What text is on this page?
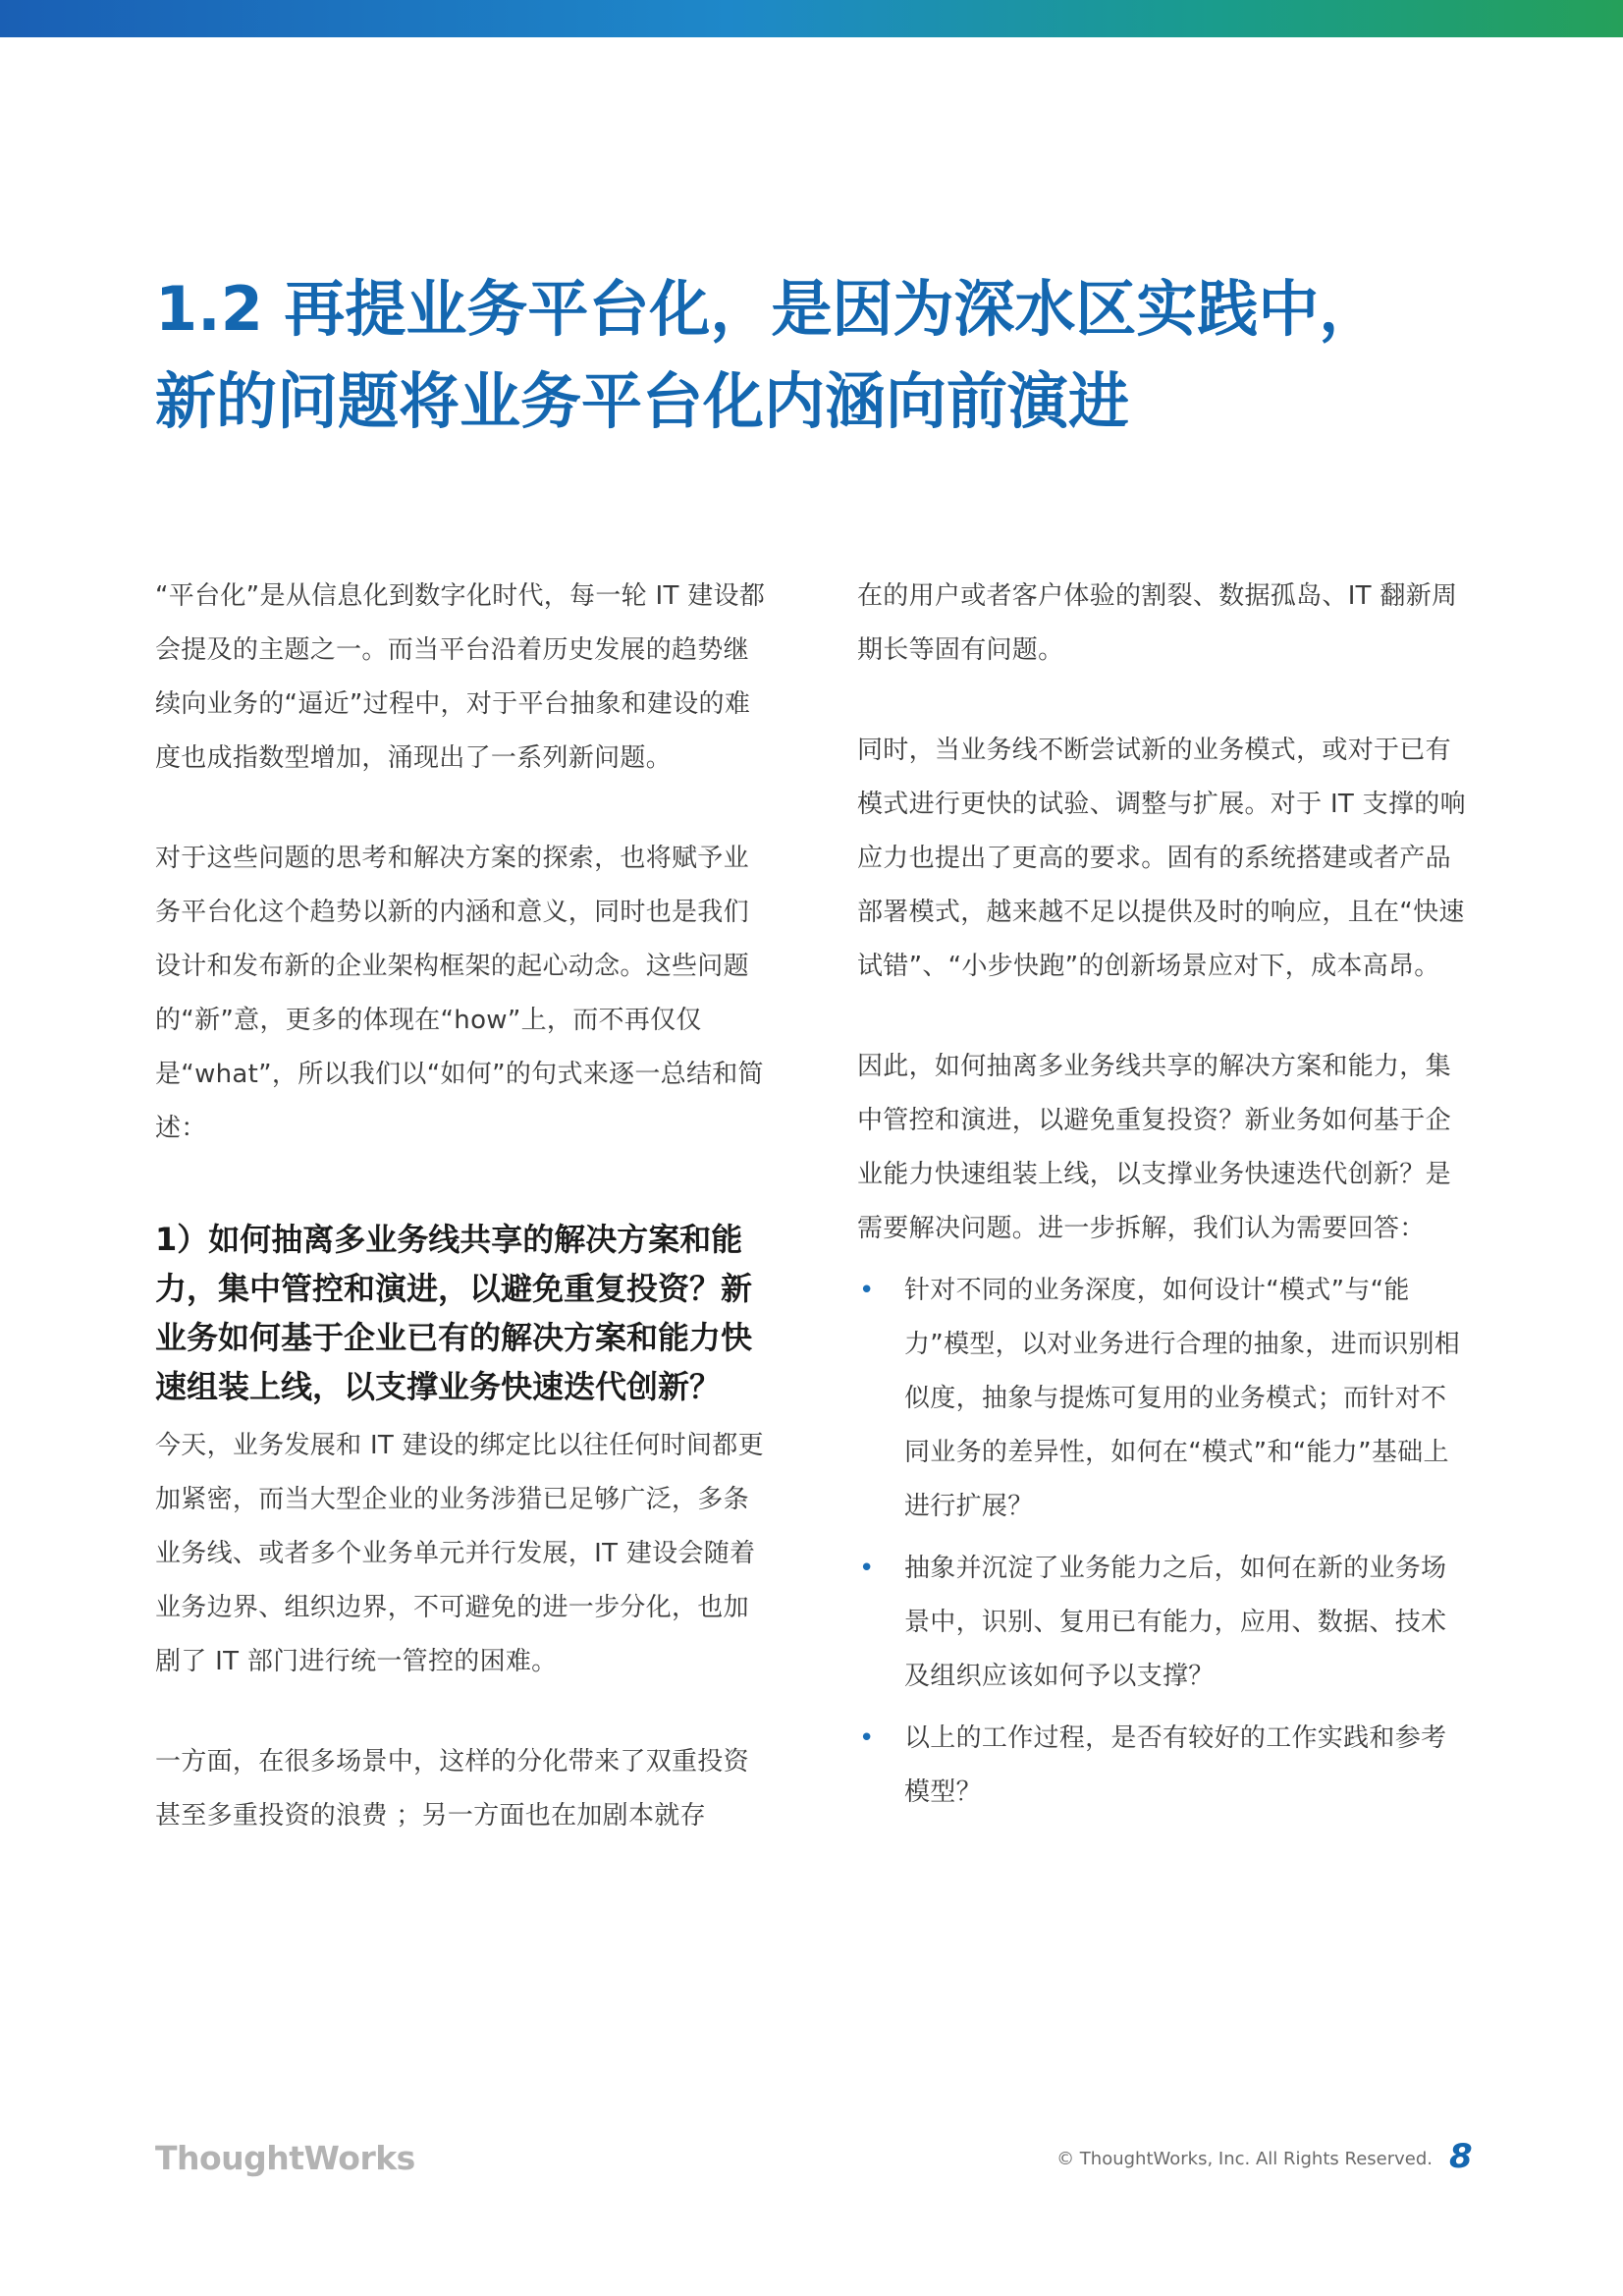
1.2 再提业务平台化，是因为深水区实践中，
新的问题将业务平台化内涵向前演进

“平台化”是从信息化到数字化时代，每一轮 IT 建设都会提及的主题之一。而当平台沿着历史发展的趋势继续向业务的“逼近”过程中，对于平台抽象和建设的难度也成指数型增加，涌现出了一系列新问题。

对于这些问题的思考和解决方案的探索，也将赋予业务平台化这个趋势以新的内涵和意义，同时也是我们设计和发布新的企业架构框架的起心动念。这些问题的“新”意，更多的体现在“how”上，而不再仅仅是“what”，所以我们以“如何”的句式来逐一总结和简述：

1）如何抽离多业务线共享的解决方案和能力，集中管控和演进，以避免重复投资？新业务如何基于企业已有的解决方案和能力快速组装上线，以支撑业务快速迭代创新？

今天，业务发展和 IT 建设的绑定比以往任何时间都更加紧密，而当大型企业的业务涉猎已足够广泛，多条业务线、或者多个业务单元并行发展，IT 建设会随着业务边界、组织边界，不可避免的进一步分化，也加剧了 IT 部门进行统一管控的困难。

一方面，在很多场景中，这样的分化带来了双重投资甚至多重投资的浪费 ；另一方面也在加剧本就存

在的用户或者客户体验的割裂、数据孤岛、IT 翻新周期长等固有问题。

同时，当业务线不断尝试新的业务模式，或对于已有模式进行更快的试验、调整与扩展。对于 IT 支撑的响应力也提出了更高的要求。固有的系统搭建或者产品部署模式，越来越不足以提供及时的响应，且在“快速试错”、“小步快跑”的创新场景应对下，成本高昂。

因此，如何抽离多业务线共享的解决方案和能力，集中管控和演进，以避免重复投资？新业务如何基于企业能力快速组装上线，以支撑业务快速迭代创新？是需要解决问题。进一步拆解，我们认为需要回答：

• 针对不同的业务深度，如何设计“模式”与“能力”模型，以对业务进行合理的抽象，进而识别相似度，抽象与提炼可复用的业务模式；而针对不同业务的差异性，如何在“模式”和“能力”基础上进行扩展？
• 抽象并沉淀了业务能力之后，如何在新的业务场景中，识别、复用已有能力，应用、数据、技术及组织应该如何予以支撑？
• 以上的工作过程，是否有较好的工作实践和参考模型？
ThoughtWorks	© ThoughtWorks, Inc. All Rights Reserved. 8
